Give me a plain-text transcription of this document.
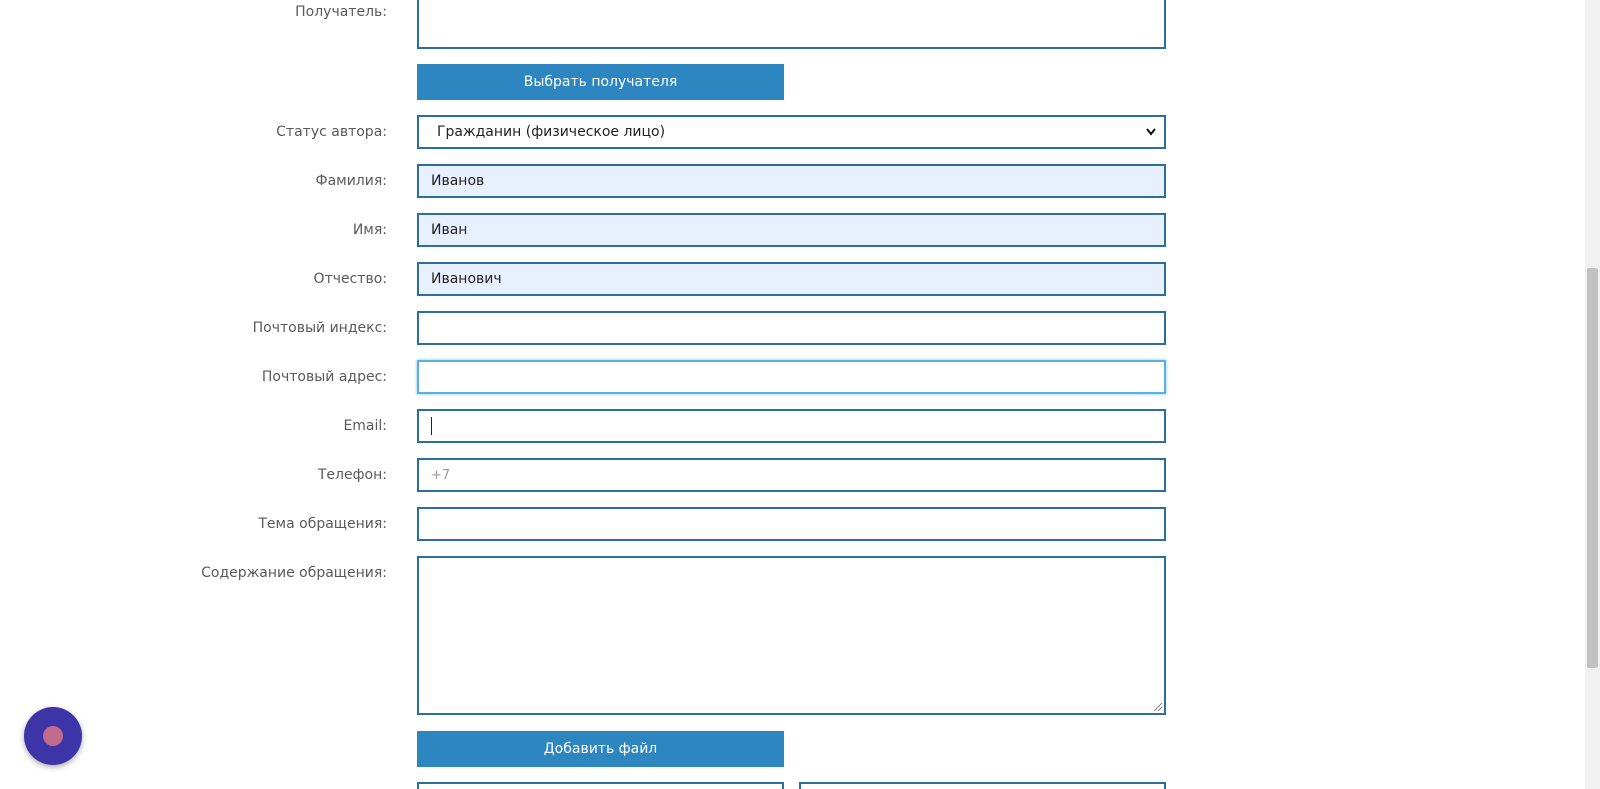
Получатель:
Выбрать получателя
Статус автора:	Гражданин (физическое лицо)
Фамилия:	Иванов
Имя:	Иван
Отчество:	Иванович
Почтовый индекс:
Почтовый адрес:
Email:
Телефон:	+7
Тема обращения:
Содержание обращения:
Добавить файл
